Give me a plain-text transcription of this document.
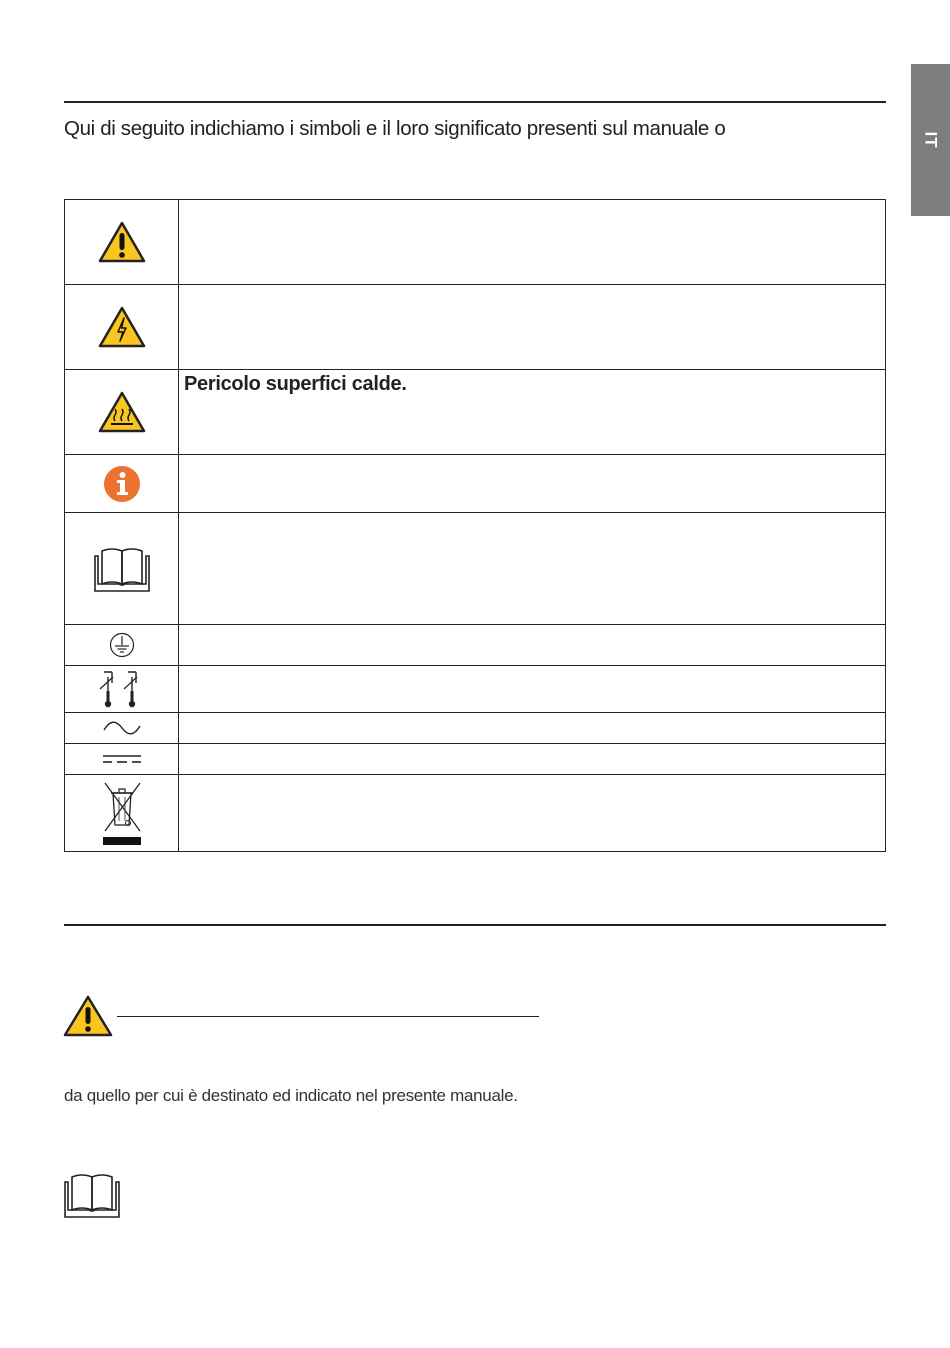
IT
Qui di seguito indichiamo i simboli e il loro significato presenti sul manuale o

	Pericolo superfici calde.

da quello per cui è destinato ed indicato nel presente manuale.
